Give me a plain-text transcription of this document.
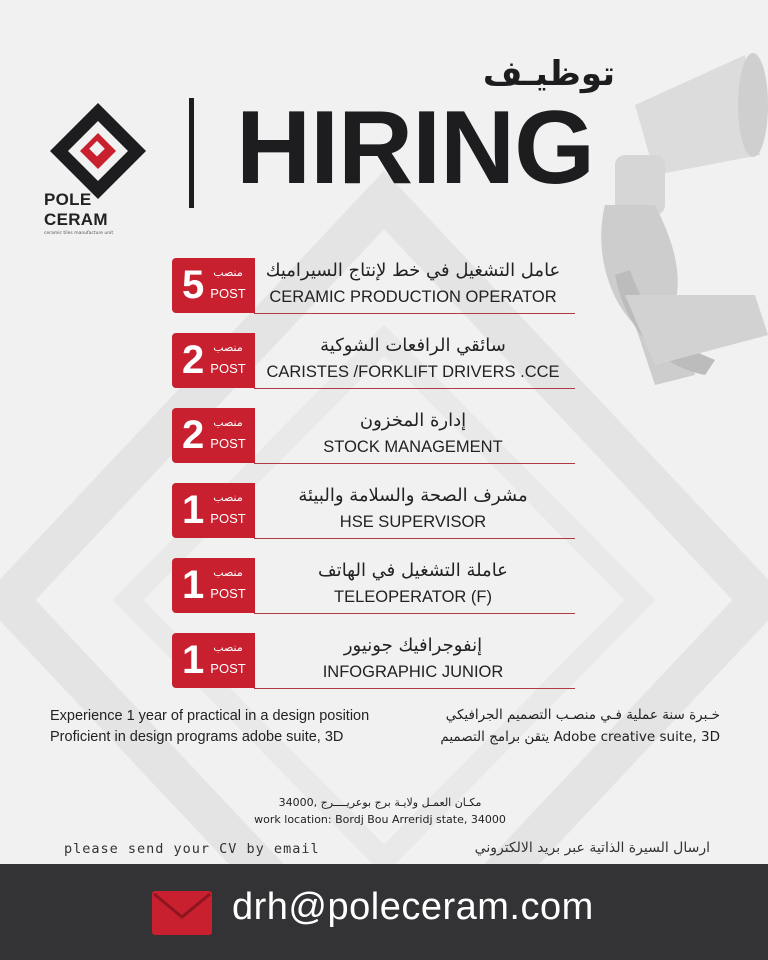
POLE CERAM
ceramic tiles manufacture unit
توظيـف
HIRING
5 منصب
POST
عامل التشغيل في خط لإنتاج السيراميك
CERAMIC PRODUCTION OPERATOR
2 منصب
POST
سائقي الرافعات الشوكية
CARISTES /FORKLIFT DRIVERS .CCE
2 منصب
POST
إدارة المخزون
STOCK MANAGEMENT
1 منصب
POST
مشرف الصحة والسلامة والبيئة
HSE SUPERVISOR
1 منصب
POST
عاملة التشغيل في الهاتف
TELEOPERATOR (F)
1 منصب
POST
إنفوجرافيك جونيور
INFOGRAPHIC JUNIOR
Experience 1 year of practical in a design position
Proficient in design programs adobe suite, 3D
خـبرة سنة عملية فـي منصـب التصميم الجرافيكي
يتقن برامج التصميم Adobe creative suite, 3D
مكـان العمـل ولايـة برج بوعريــــرج ,34000
work location: Bordj Bou Arreridj state, 34000
please send your CV by email	ارسال السيرة الذاتية عبر بريد الالكتروني
drh@poleceram.com
